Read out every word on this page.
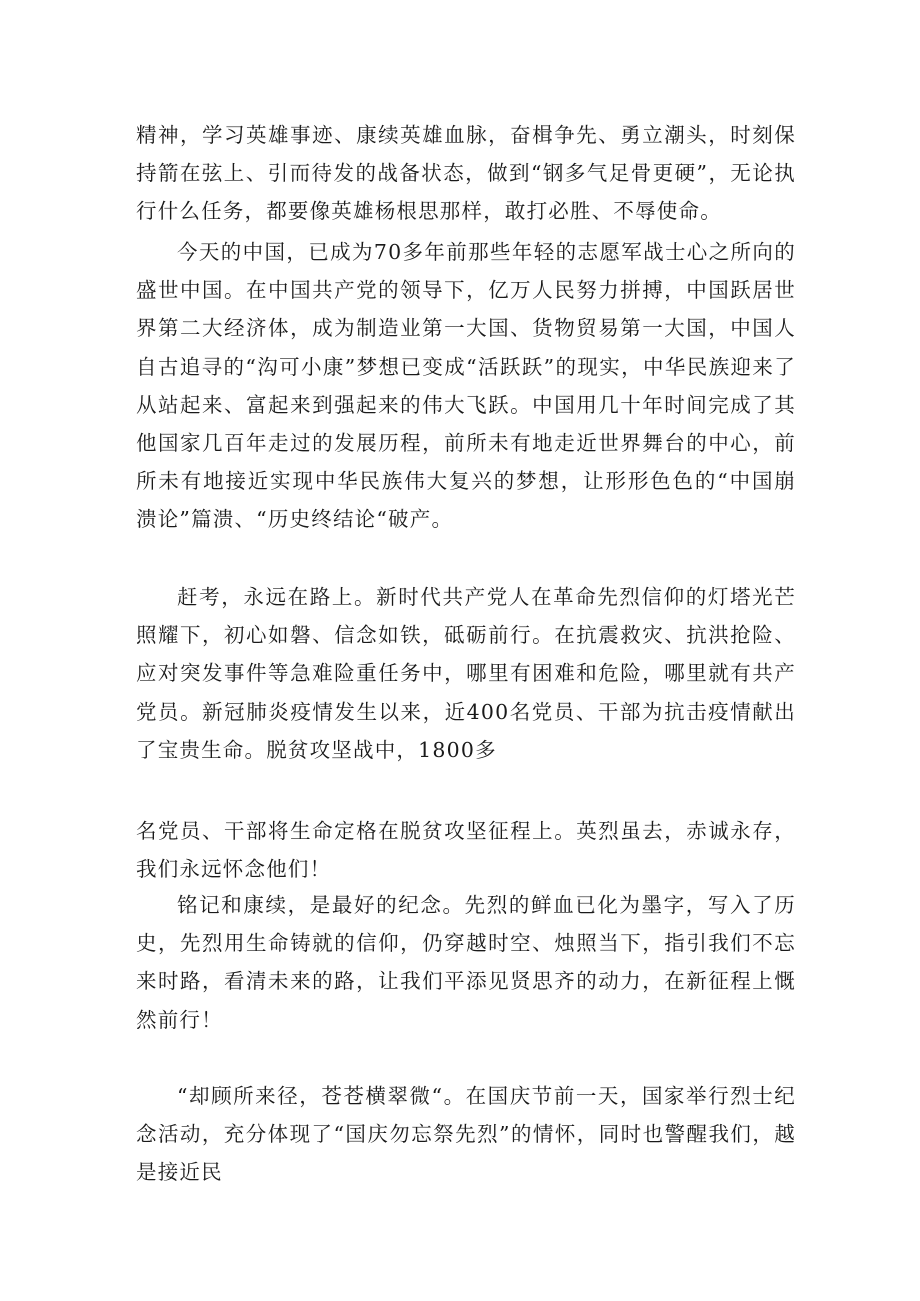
精神，学习英雄事迹、康续英雄血脉，奋楫争先、勇立潮头，时刻保持箭在弦上、引而待发的战备状态，做到“钢多气足骨更硬”，无论执行什么任务，都要像英雄杨根思那样，敢打必胜、不辱使命。

今天的中国，已成为70多年前那些年轻的志愿军战士心之所向的盛世中国。在中国共产党的领导下，亿万人民努力拼搏，中国跃居世界第二大经济体，成为制造业第一大国、货物贸易第一大国，中国人自古追寻的“沟可小康”梦想已变成“活跃跃”的现实，中华民族迎来了从站起来、富起来到强起来的伟大飞跃。中国用几十年时间完成了其他国家几百年走过的发展历程，前所未有地走近世界舞台的中心，前所未有地接近实现中华民族伟大复兴的梦想，让形形色色的“中国崩溃论”篇溃、“历史终结论“破产。

赶考，永远在路上。新时代共产党人在革命先烈信仰的灯塔光芒照耀下，初心如磐、信念如铁，砥砺前行。在抗震救灾、抗洪抢险、应对突发事件等急难险重任务中，哪里有困难和危险，哪里就有共产党员。新冠肺炎疫情发生以来，近400名党员、干部为抗击疫情献出了宝贵生命。脱贫攻坚战中，1800多

名党员、干部将生命定格在脱贫攻坚征程上。英烈虽去，赤诚永存，我们永远怀念他们！

铭记和康续，是最好的纪念。先烈的鲜血已化为墨字，写入了历史，先烈用生命铸就的信仰，仍穿越时空、烛照当下，指引我们不忘来时路，看清未来的路，让我们平添见贤思齐的动力，在新征程上慨然前行！

“却顾所来径，苍苍横翠微“。在国庆节前一天，国家举行烈士纪念活动，充分体现了“国庆勿忘祭先烈”的情怀，同时也警醒我们，越是接近民
